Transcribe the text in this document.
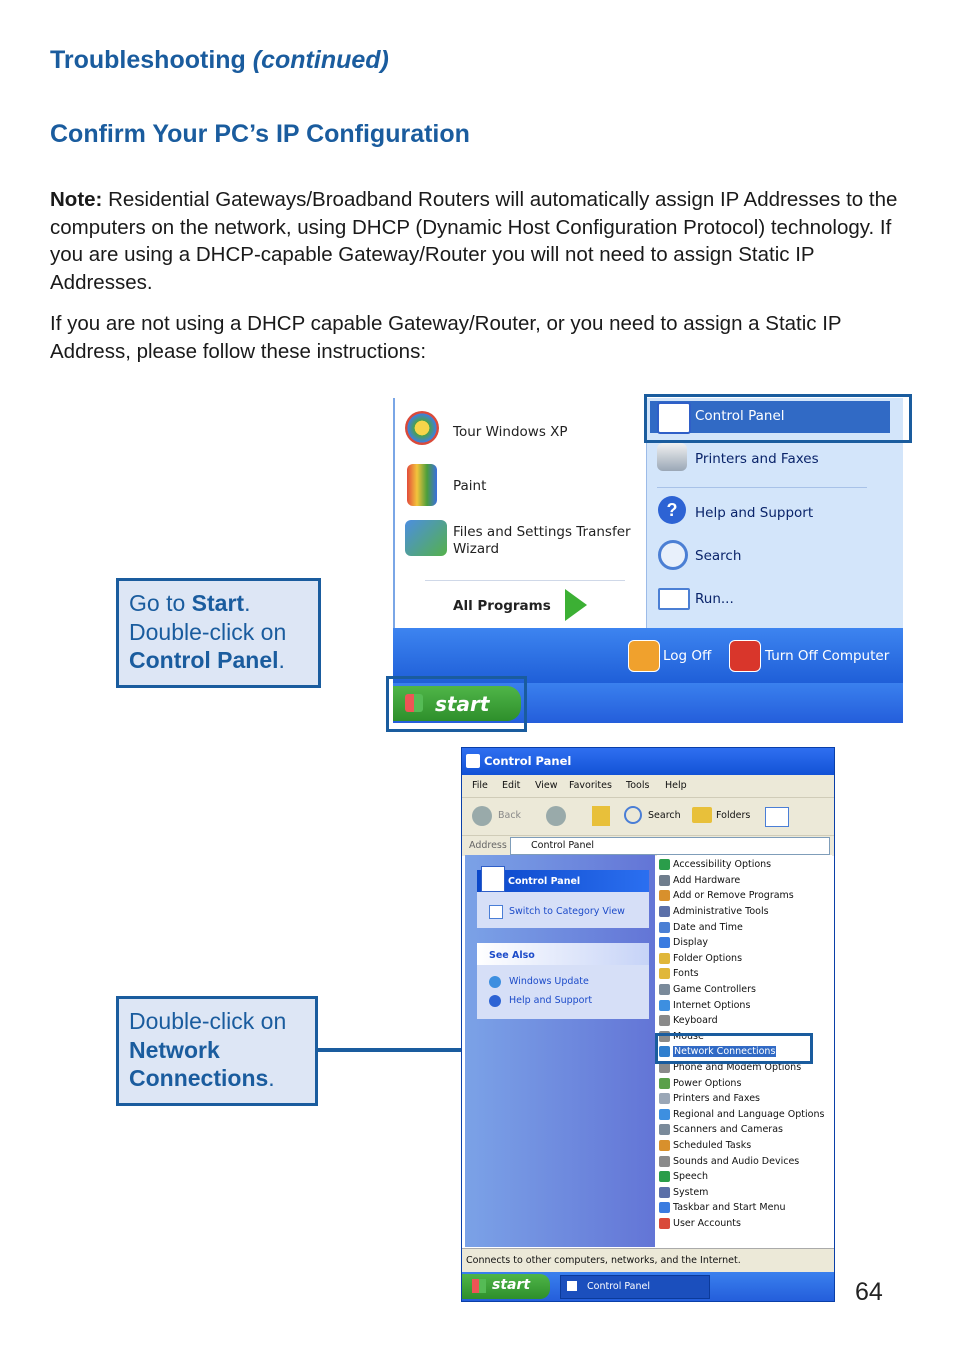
Troubleshooting (continued)
Confirm Your PC’s IP Configuration
Note: Residential Gateways/Broadband Routers will automatically assign IP Addresses to the computers on the network, using DHCP (Dynamic Host Configuration Protocol) technology. If you are using a DHCP-capable Gateway/Router you will not need to assign Static IP Addresses.
If you are not using a DHCP capable Gateway/Router, or you need to assign a Static IP Address, please follow these instructions:
Go to Start.
Double-click on
Control Panel.
Tour Windows XP
Paint
Files and Settings Transfer
Wizard
All Programs
Control Panel
Printers and Faxes
?	Help and Support
Search
Run...
Log Off	Turn Off Computer
start
Double-click on
Network
Connections.
Control Panel
File Edit View Favorites Tools Help
Back	Search	Folders
Address	Control Panel
Control Panel
Switch to Category View
See Also
Windows Update
Help and Support
Accessibility Options
Add Hardware
Add or Remove Programs
Administrative Tools
Date and Time
Display
Folder Options
Fonts
Game Controllers
Internet Options
Keyboard
Mouse
Network Connections
Phone and Modem Options
Power Options
Printers and Faxes
Regional and Language Options
Scanners and Cameras
Scheduled Tasks
Sounds and Audio Devices
Speech
System
Taskbar and Start Menu
User Accounts
Connects to other computers, networks, and the Internet.
start	Control Panel	64
